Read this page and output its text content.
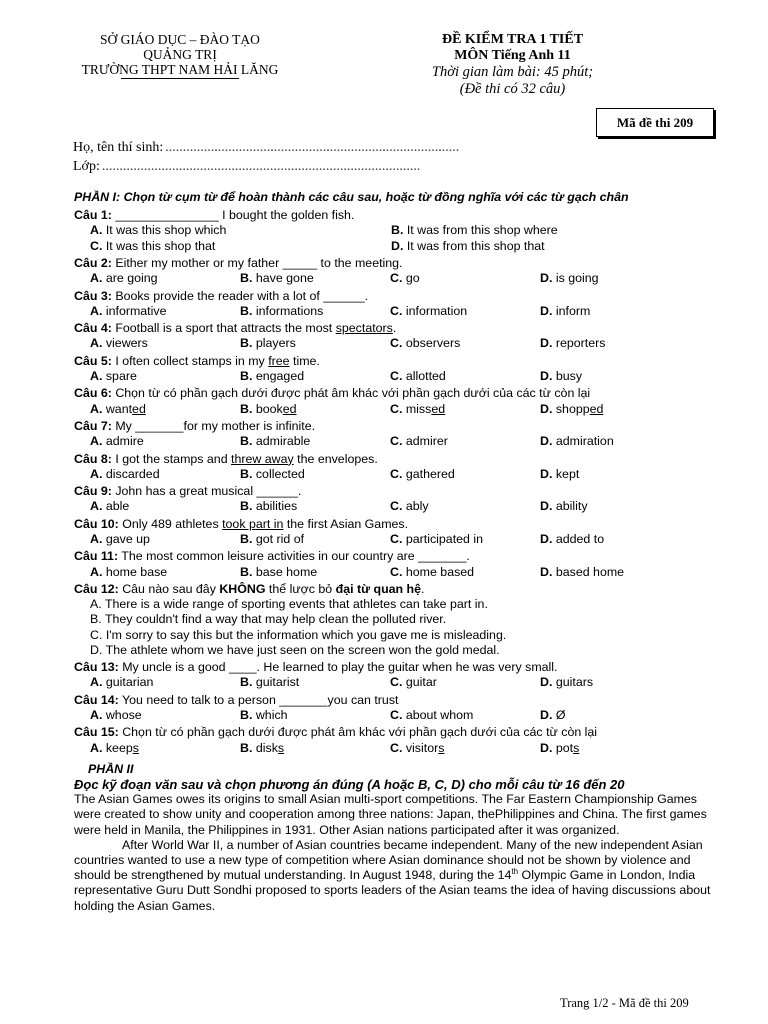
SỞ GIÁO DỤC – ĐÀO TẠO
QUẢNG TRỊ
TRƯỜNG THPT NAM HẢI LĂNG
ĐỀ KIỂM TRA 1 TIẾT
MÔN Tiếng Anh 11
Thời gian làm bài: 45 phút;
(Đề thi có 32 câu)
Mã đề thi 209
Họ, tên thí sinh: ....................................................................................
Lớp: ...........................................................................................
PHẦN I: Chọn từ cụm từ để hoàn thành các câu sau, hoặc từ đồng nghĩa với các từ gạch chân
Câu 1: _______________ I bought the golden fish.
A. It was this shop which	B. It was from this shop where
C. It was this shop that	D. It was from this shop that
Câu 2: Either my mother or my father _____ to the meeting.
A. are going	B. have gone	C. go	D. is going
Câu 3: Books provide the reader with a lot of ______.
A. informative	B. informations	C. information	D. inform
Câu 4: Football is a sport that attracts the most spectators.
A. viewers	B. players	C. observers	D. reporters
Câu 5: I often collect stamps in my free time.
A. spare	B. engaged	C. allotted	D. busy
Câu 6: Chọn từ có phần gạch dưới được phát âm khác với phần gạch dưới của các từ còn lại
A. wanted	B. booked	C. missed	D. shopped
Câu 7: My _______for my mother is infinite.
A. admire	B. admirable	C. admirer	D. admiration
Câu 8: I got the stamps and threw away the envelopes.
A. discarded	B. collected	C. gathered	D. kept
Câu 9: John has a great musical ______.
A. able	B. abilities	C. ably	D. ability
Câu 10: Only 489 athletes took part in the first Asian Games.
A. gave up	B. got rid of	C. participated in	D. added to
Câu 11: The most common leisure activities in our country are _______.
A. home base	B. base home	C. home based	D. based home
Câu 12: Câu nào sau đây KHÔNG thể lược bỏ đại từ quan hệ.
A. There is a wide range of sporting events that athletes can take part in.
B. They couldn't find a way that may help clean the polluted river.
C. I'm sorry to say this but the information which you gave me is misleading.
D. The athlete whom we have just seen on the screen won the gold medal.
Câu 13: My uncle is a good ____. He learned to play the guitar when he was very small.
A. guitarian	B. guitarist	C. guitar	D. guitars
Câu 14: You need to talk to a person _______you can trust
A. whose	B. which	C. about whom	D. Ø
Câu 15: Chọn từ có phần gạch dưới được phát âm khác với phần gạch dưới của các từ còn lại
A. keeps	B. disks	C. visitors	D. pots
PHẦN II
Đọc kỹ đoạn văn sau và chọn phương án đúng (A hoặc B, C, D) cho mỗi câu từ 16 đến 20
The Asian Games owes its origins to small Asian multi-sport competitions. The Far Eastern Championship Games were created to show unity and cooperation among three nations: Japan, thePhilippines and China. The first games were held in Manila, the Philippines in 1931. Other Asian nations participated after it was organized.
After World War II, a number of Asian countries became independent. Many of the new independent Asian countries wanted to use a new type of competition where Asian dominance should not be shown by violence and should be strengthened by mutual understanding. In August 1948, during the 14th Olympic Game in London, India representative Guru Dutt Sondhi proposed to sports leaders of the Asian teams the idea of having discussions about holding the Asian Games.
Trang 1/2 - Mã đề thi 209
